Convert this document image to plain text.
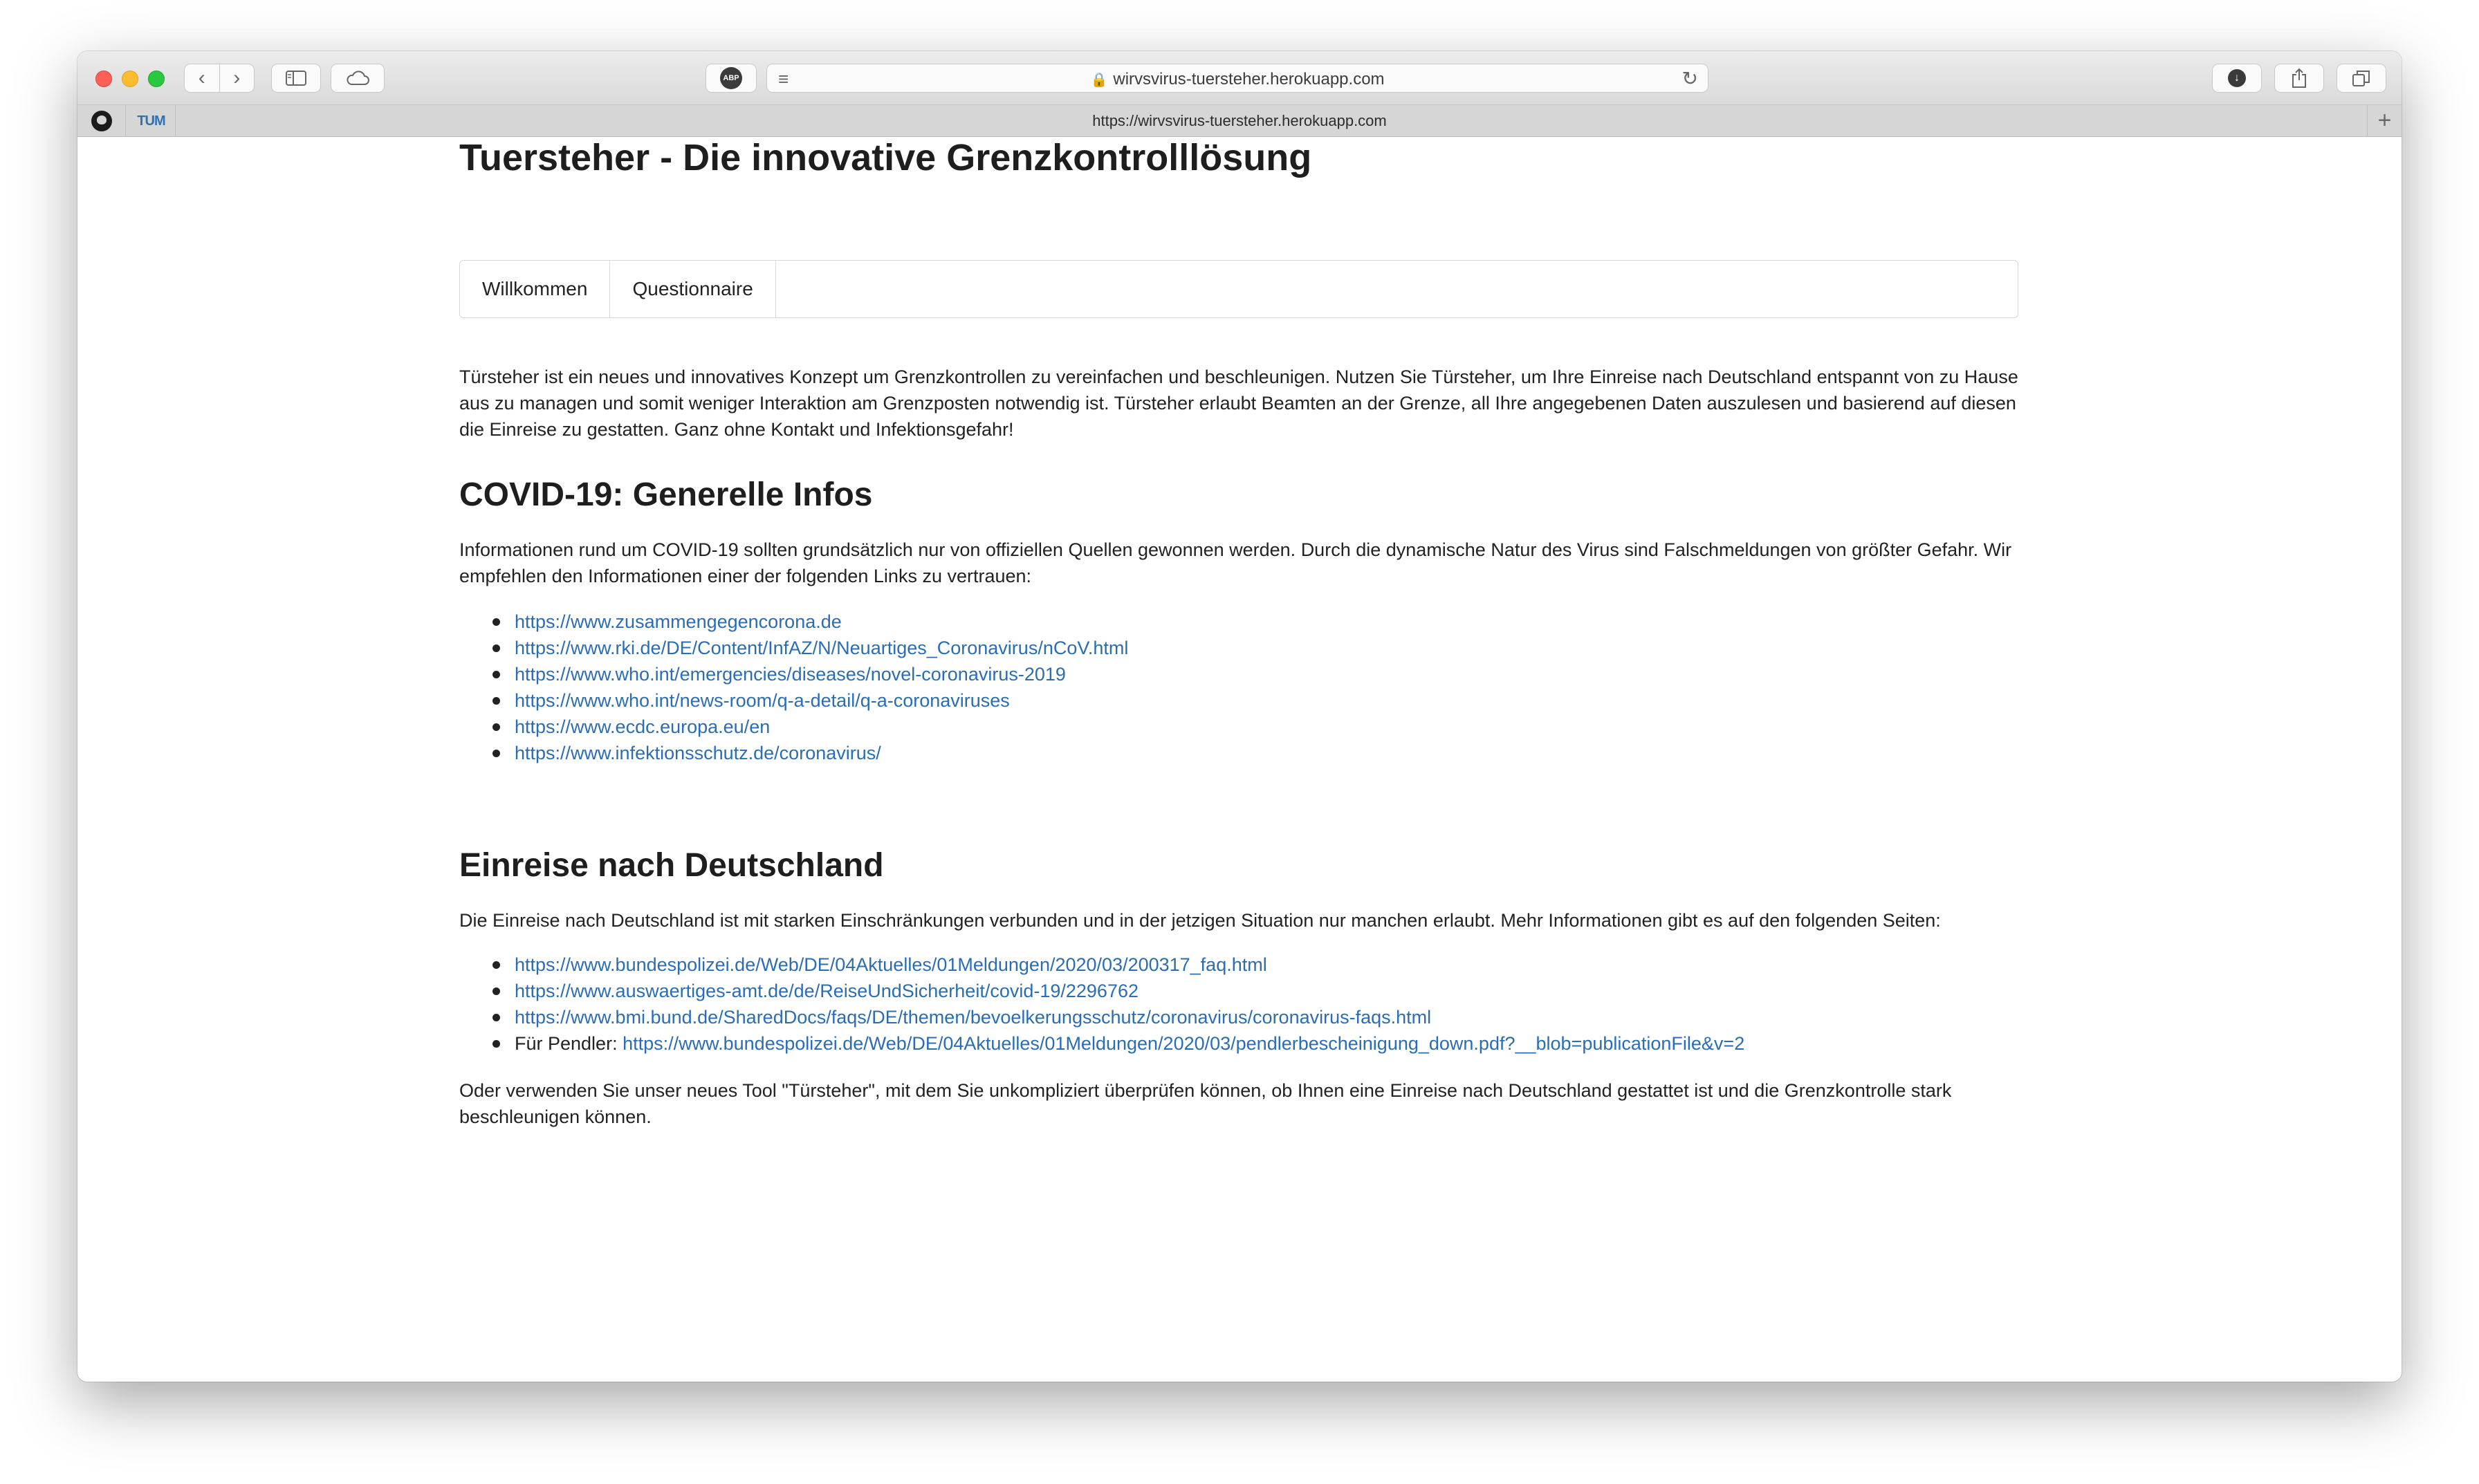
‹	›	ABP ≡	🔒 wirvsvirus-tuersteher.herokuapp.com	↻	↓
TUM	https://wirvsvirus-tuersteher.herokuapp.com	+
Tuersteher - Die innovative Grenzkontrolllösung
Willkommen	Questionnaire

Türsteher ist ein neues und innovatives Konzept um Grenzkontrollen zu vereinfachen und beschleunigen. Nutzen Sie Türsteher, um Ihre Einreise nach Deutschland entspannt von zu Hause aus zu managen und somit weniger Interaktion am Grenzposten notwendig ist. Türsteher erlaubt Beamten an der Grenze, all Ihre angegebenen Daten auszulesen und basierend auf diesen die Einreise zu gestatten. Ganz ohne Kontakt und Infektionsgefahr!

COVID-19: Generelle Infos

Informationen rund um COVID-19 sollten grundsätzlich nur von offiziellen Quellen gewonnen werden. Durch die dynamische Natur des Virus sind Falschmeldungen von größter Gefahr. Wir empfehlen den Informationen einer der folgenden Links zu vertrauen:

https://www.zusammengegencorona.de
https://www.rki.de/DE/Content/InfAZ/N/Neuartiges_Coronavirus/nCoV.html
https://www.who.int/emergencies/diseases/novel-coronavirus-2019
https://www.who.int/news-room/q-a-detail/q-a-coronaviruses
https://www.ecdc.europa.eu/en
https://www.infektionsschutz.de/coronavirus/
Einreise nach Deutschland

Die Einreise nach Deutschland ist mit starken Einschränkungen verbunden und in der jetzigen Situation nur manchen erlaubt. Mehr Informationen gibt es auf den folgenden Seiten:

https://www.bundespolizei.de/Web/DE/04Aktuelles/01Meldungen/2020/03/200317_faq.html
https://www.auswaertiges-amt.de/de/ReiseUndSicherheit/covid-19/2296762
https://www.bmi.bund.de/SharedDocs/faqs/DE/themen/bevoelkerungsschutz/coronavirus/coronavirus-faqs.html
Für Pendler: https://www.bundespolizei.de/Web/DE/04Aktuelles/01Meldungen/2020/03/pendlerbescheinigung_down.pdf?__blob=publicationFile&v=2

Oder verwenden Sie unser neues Tool "Türsteher", mit dem Sie unkompliziert überprüfen können, ob Ihnen eine Einreise nach Deutschland gestattet ist und die Grenzkontrolle stark beschleunigen können.
